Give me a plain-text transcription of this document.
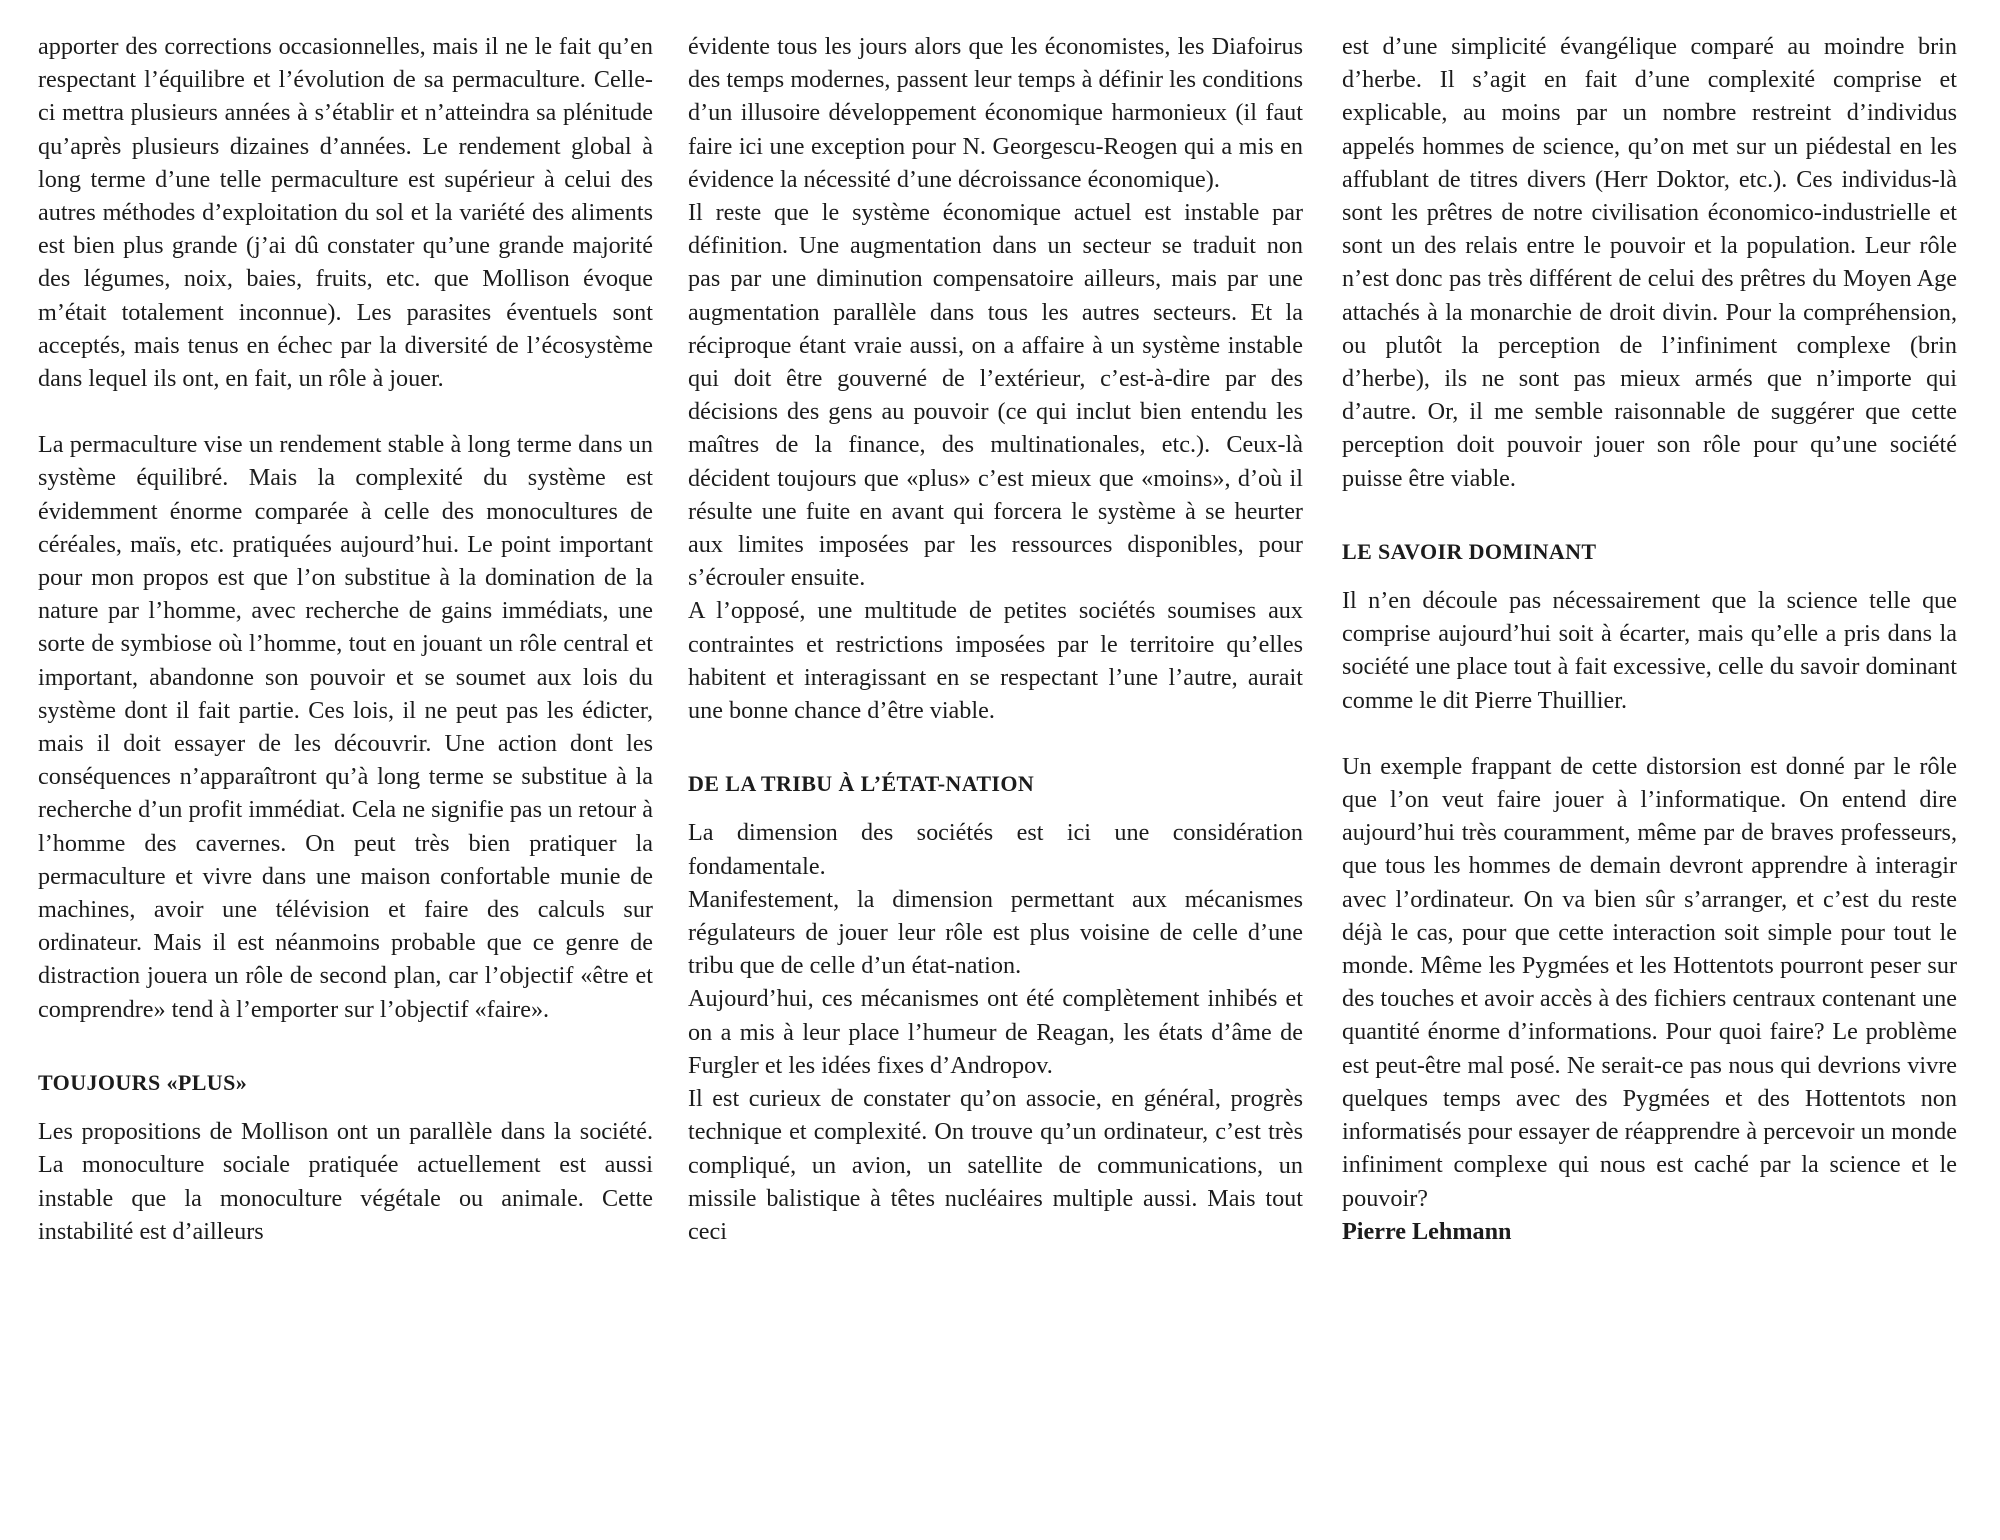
apporter des corrections occasionnelles, mais il ne le fait qu’en respectant l’équilibre et l’évolution de sa permaculture. Celle-ci mettra plusieurs années à s’établir et n’atteindra sa plénitude qu’après plusieurs dizaines d’années. Le rendement global à long terme d’une telle permaculture est supérieur à celui des autres méthodes d’exploitation du sol et la variété des aliments est bien plus grande (j’ai dû constater qu’une grande majorité des légumes, noix, baies, fruits, etc. que Mollison évoque m’était totalement inconnue). Les parasites éventuels sont acceptés, mais tenus en échec par la diversité de l’écosystème dans lequel ils ont, en fait, un rôle à jouer.

La permaculture vise un rendement stable à long terme dans un système équilibré. Mais la complexité du système est évidemment énorme comparée à celle des monocultures de céréales, maïs, etc. pratiquées aujourd’hui. Le point important pour mon propos est que l’on substitue à la domination de la nature par l’homme, avec recherche de gains immédiats, une sorte de symbiose où l’homme, tout en jouant un rôle central et important, abandonne son pouvoir et se soumet aux lois du système dont il fait partie. Ces lois, il ne peut pas les édicter, mais il doit essayer de les découvrir. Une action dont les conséquences n’apparaîtront qu’à long terme se substitue à la recherche d’un profit immédiat. Cela ne signifie pas un retour à l’homme des cavernes. On peut très bien pratiquer la permaculture et vivre dans une maison confortable munie de machines, avoir une télévision et faire des calculs sur ordinateur. Mais il est néanmoins probable que ce genre de distraction jouera un rôle de second plan, car l’objectif «être et comprendre» tend à l’emporter sur l’objectif «faire».

TOUJOURS «PLUS»

Les propositions de Mollison ont un parallèle dans la société. La monoculture sociale pratiquée actuellement est aussi instable que la monoculture végétale ou animale. Cette instabilité est d’ailleurs

évidente tous les jours alors que les économistes, les Diafoirus des temps modernes, passent leur temps à définir les conditions d’un illusoire développement économique harmonieux (il faut faire ici une exception pour N. Georgescu-Reogen qui a mis en évidence la nécessité d’une décroissance économique).

Il reste que le système économique actuel est instable par définition. Une augmentation dans un secteur se traduit non pas par une diminution compensatoire ailleurs, mais par une augmentation parallèle dans tous les autres secteurs. Et la réciproque étant vraie aussi, on a affaire à un système instable qui doit être gouverné de l’extérieur, c’est-à-dire par des décisions des gens au pouvoir (ce qui inclut bien entendu les maîtres de la finance, des multinationales, etc.). Ceux-là décident toujours que «plus» c’est mieux que «moins», d’où il résulte une fuite en avant qui forcera le système à se heurter aux limites imposées par les ressources disponibles, pour s’écrouler ensuite.

A l’opposé, une multitude de petites sociétés soumises aux contraintes et restrictions imposées par le territoire qu’elles habitent et interagissant en se respectant l’une l’autre, aurait une bonne chance d’être viable.

DE LA TRIBU À L’ÉTAT-NATION

La dimension des sociétés est ici une considération fondamentale.

Manifestement, la dimension permettant aux mécanismes régulateurs de jouer leur rôle est plus voisine de celle d’une tribu que de celle d’un état-nation.

Aujourd’hui, ces mécanismes ont été complètement inhibés et on a mis à leur place l’humeur de Reagan, les états d’âme de Furgler et les idées fixes d’Andropov.

Il est curieux de constater qu’on associe, en général, progrès technique et complexité. On trouve qu’un ordinateur, c’est très compliqué, un avion, un satellite de communications, un missile balistique à têtes nucléaires multiple aussi. Mais tout ceci

est d’une simplicité évangélique comparé au moindre brin d’herbe. Il s’agit en fait d’une complexité comprise et explicable, au moins par un nombre restreint d’individus appelés hommes de science, qu’on met sur un piédestal en les affublant de titres divers (Herr Doktor, etc.). Ces individus-là sont les prêtres de notre civilisation économico-industrielle et sont un des relais entre le pouvoir et la population. Leur rôle n’est donc pas très différent de celui des prêtres du Moyen Age attachés à la monarchie de droit divin. Pour la compréhension, ou plutôt la perception de l’infiniment complexe (brin d’herbe), ils ne sont pas mieux armés que n’importe qui d’autre. Or, il me semble raisonnable de suggérer que cette perception doit pouvoir jouer son rôle pour qu’une société puisse être viable.

LE SAVOIR DOMINANT

Il n’en découle pas nécessairement que la science telle que comprise aujourd’hui soit à écarter, mais qu’elle a pris dans la société une place tout à fait excessive, celle du savoir dominant comme le dit Pierre Thuillier.

Un exemple frappant de cette distorsion est donné par le rôle que l’on veut faire jouer à l’informatique. On entend dire aujourd’hui très couramment, même par de braves professeurs, que tous les hommes de demain devront apprendre à interagir avec l’ordinateur. On va bien sûr s’arranger, et c’est du reste déjà le cas, pour que cette interaction soit simple pour tout le monde. Même les Pygmées et les Hottentots pourront peser sur des touches et avoir accès à des fichiers centraux contenant une quantité énorme d’informations. Pour quoi faire? Le problème est peut-être mal posé. Ne serait-ce pas nous qui devrions vivre quelques temps avec des Pygmées et des Hottentots non informatisés pour essayer de réapprendre à percevoir un monde infiniment complexe qui nous est caché par la science et le pouvoir?

Pierre Lehmann
